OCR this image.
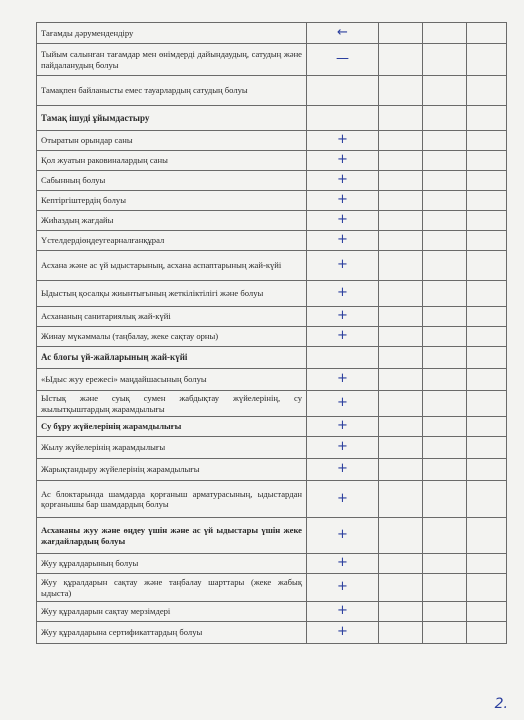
Тағамды дәрумендендіру	←			
Тыйым салынған тағамдар мен өнімдерді дайындаудың, сатудың және пайдаланудың болуы	—			
Тамақпен байланысты емес тауарлардың сатудың болуы				
Тамақ ішуді ұйымдастыру				
Отыратын орындар саны	+			
Қол жуатын раковиналардың саны	+			
Сабынның болуы	+			
Кептіргіштердің болуы	+			
Жиһаздың жағдайы	+			
Үстелдердіөңдеугеарналғанқұрал	+			
Асхана және ас үй ыдыстарының, асхана аспаптарының жай-күйі	+			
Ыдыстың қосалқы жиынтығының жеткіліктілігі және болуы	+			
Асхананың санитариялық жай-күйі	+			
Жинау мүкәммалы (таңбалау, жеке сақтау орны)	+			
Ас блогы үй-жайларының жай-күйі				
«Ыдыс жуу ережесі» маңдайшасының болуы	+			
Ыстық және суық сумен жабдықтау жүйелерінің, су жылытқыштардың жарамдылығы	+			
Су бұру жүйелерінің жарамдылығы	+			
Жылу жүйелерінің жарамдылығы	+			
Жарықтандыру жүйелерінің жарамдылығы	+			
Ас блоктарында шамдарда қорғаныш арматурасының, ыдыстардан қорғанышы бар шамдардың болуы	+			
Асхананы жуу және өңдеу үшін және ас үй ыдыстары үшін жеке жағдайлардың болуы	+			
Жуу құралдарының болуы	+			
Жуу құралдарын сақтау және таңбалау шарттары (жеке жабық ыдыста)	+			
Жуу құралдарын сақтау мерзімдері	+			
Жуу құралдарына сертификаттардың болуы	+			
2.
